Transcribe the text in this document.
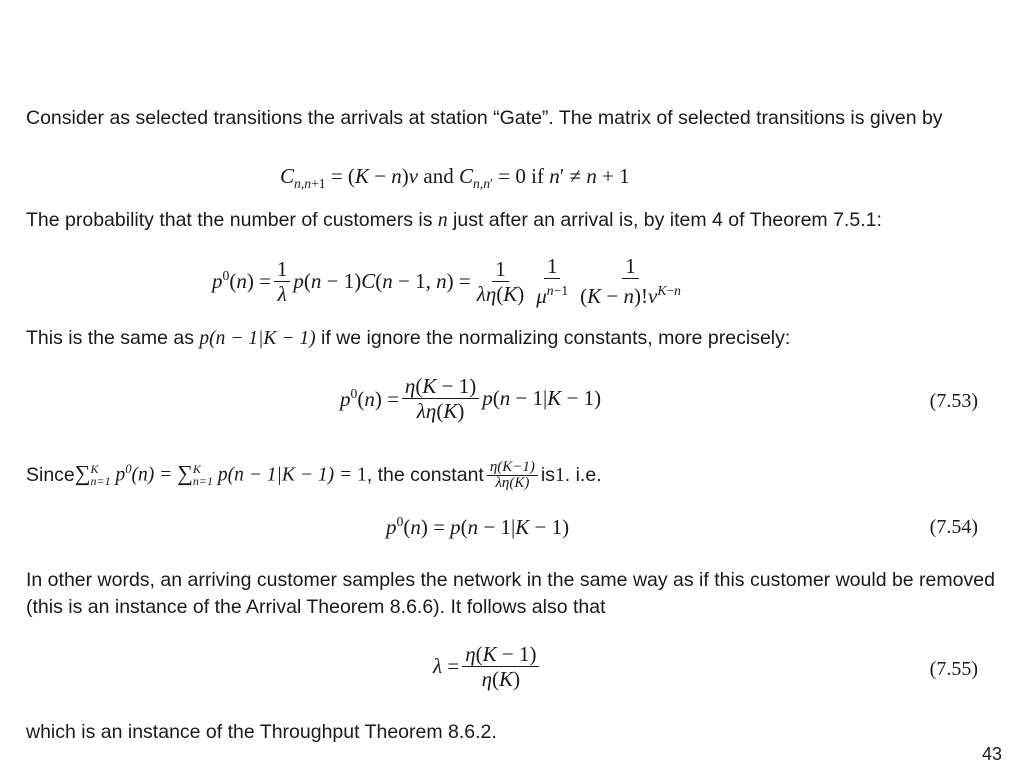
Consider as selected transitions the arrivals at station “Gate”. The matrix of selected transitions is given by
$C_{n,n+1} = (K - n)\nu$ and $C_{n,n'} = 0$ if n′ ≠ n + 1
The probability that the number of customers is n just after an arrival is, by item 4 of Theorem 7.5.1:
$p^0(n) = \frac{1}{\lambda} p(n - 1)C(n - 1$, $n) = \frac{1}{\lambda\eta(K)} \frac{1}{\mu^{n-1}} \frac{1}{(K - n)!\nu^{K-n}}$
This is the same as p(n − 1|K − 1) if we ignore the normalizing constants, more precisely:
$p^0(n) = \frac{\eta(K - 1)}{\lambda\eta(K)} p(n - 1|K - 1)$	(7.53)
Since ∑$^K_{n=1}$ $p^0(n) = \sum^K_{n=1}$ p(n − 1|K − 1) = 1 , the constant $\frac{\eta(K-1)}{\lambda\eta(K)}$ is 1 . i.e.
$p^0(n) = p(n - 1|K - 1)$	(7.54)
In other words, an arriving customer samples the network in the same way as if this customer would be removed (this is an instance of the Arrival Theorem 8.6.6). It follows also that
$\lambda = \frac{\eta(K - 1)}{\eta(K)}$	(7.55)
which is an instance of the Throughput Theorem 8.6.2.
43
